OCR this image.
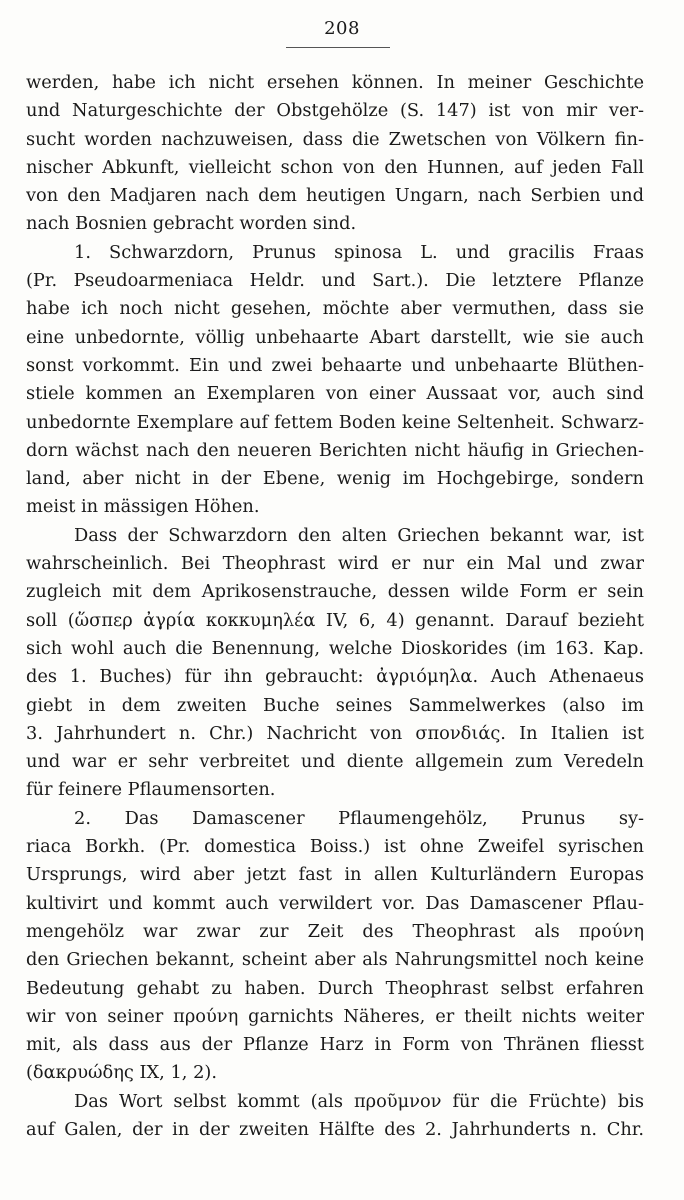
208
werden, habe ich nicht ersehen können. In meiner Geschichte
und Naturgeschichte der Obstgehölze (S. 147) ist von mir ver-
sucht worden nachzuweisen, dass die Zwetschen von Völkern fin-
nischer Abkunft, vielleicht schon von den Hunnen, auf jeden Fall
von den Madjaren nach dem heutigen Ungarn, nach Serbien und
nach Bosnien gebracht worden sind.
1. Schwarzdorn, Prunus spinosa L. und gracilis Fraas
(Pr. Pseudoarmeniaca Heldr. und Sart.). Die letztere Pflanze
habe ich noch nicht gesehen, möchte aber vermuthen, dass sie
eine unbedornte, völlig unbehaarte Abart darstellt, wie sie auch
sonst vorkommt. Ein und zwei behaarte und unbehaarte Blüthen-
stiele kommen an Exemplaren von einer Aussaat vor, auch sind
unbedornte Exemplare auf fettem Boden keine Seltenheit. Schwarz-
dorn wächst nach den neueren Berichten nicht häufig in Griechen-
land, aber nicht in der Ebene, wenig im Hochgebirge, sondern
meist in mässigen Höhen.
Dass der Schwarzdorn den alten Griechen bekannt war, ist
wahrscheinlich. Bei Theophrast wird er nur ein Mal und zwar
zugleich mit dem Aprikosenstrauche, dessen wilde Form er sein
soll (ὥσπερ ἀγρία κοκκυμηλέα IV, 6, 4) genannt. Darauf bezieht
sich wohl auch die Benennung, welche Dioskorides (im 163. Kap.
des 1. Buches) für ihn gebraucht: ἀγριόμηλα. Auch Athenaeus
giebt in dem zweiten Buche seines Sammelwerkes (also im
3. Jahrhundert n. Chr.) Nachricht von σπονδιάς. In Italien ist
und war er sehr verbreitet und diente allgemein zum Veredeln
für feinere Pflaumensorten.
2. Das Damascener Pflaumengehölz, Prunus sy-
riaca Borkh. (Pr. domestica Boiss.) ist ohne Zweifel syrischen
Ursprungs, wird aber jetzt fast in allen Kulturländern Europas
kultivirt und kommt auch verwildert vor. Das Damascener Pflau-
mengehölz war zwar zur Zeit des Theophrast als προύνη
den Griechen bekannt, scheint aber als Nahrungsmittel noch keine
Bedeutung gehabt zu haben. Durch Theophrast selbst erfahren
wir von seiner προύνη garnichts Näheres, er theilt nichts weiter
mit, als dass aus der Pflanze Harz in Form von Thränen fliesst
(δακρυώδης IX, 1, 2).
Das Wort selbst kommt (als προῦμνον für die Früchte) bis
auf Galen, der in der zweiten Hälfte des 2. Jahrhunderts n. Chr.
